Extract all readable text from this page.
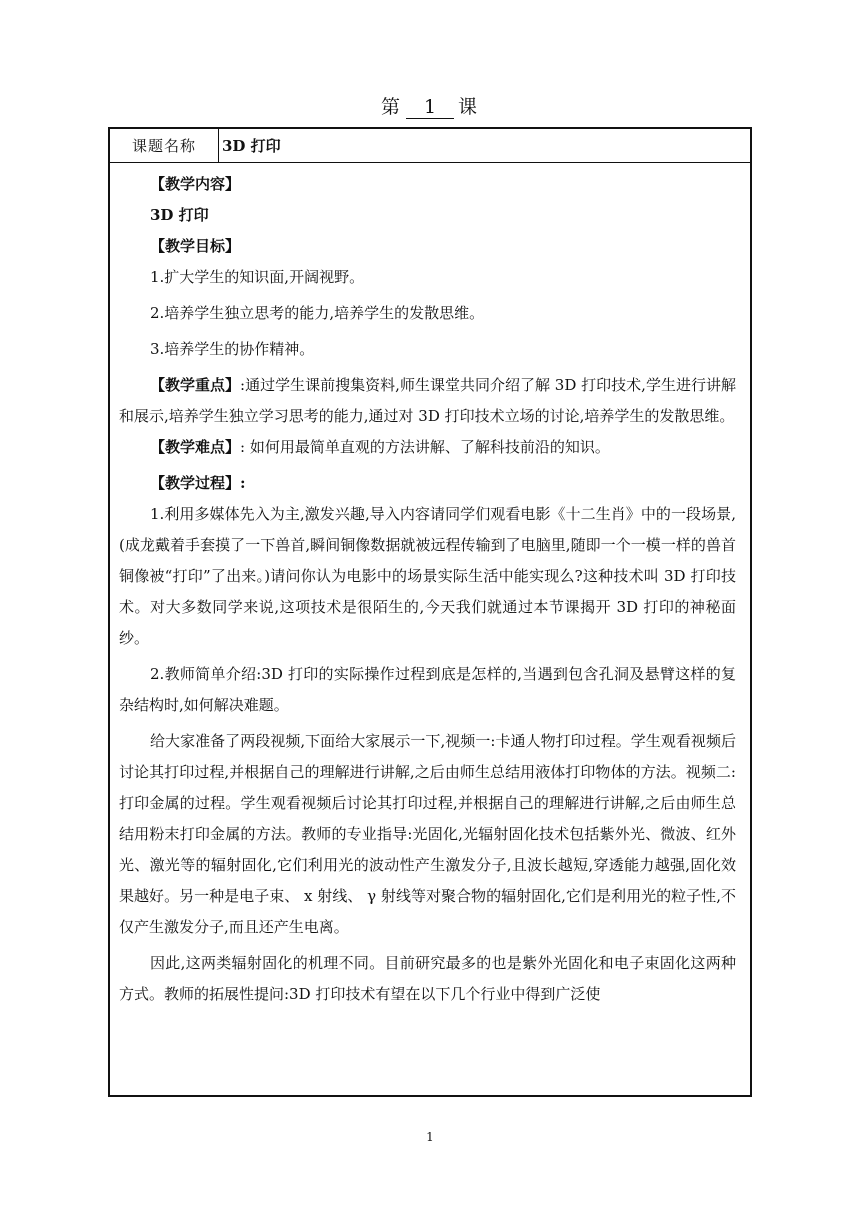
第 1 课
课题名称	3D 打印

【教学内容】

3D 打印

【教学目标】

1.扩大学生的知识面,开阔视野。

2.培养学生独立思考的能力,培养学生的发散思维。

3.培养学生的协作精神。

【教学重点】:通过学生课前搜集资料,师生课堂共同介绍了解 3D 打印技术,学生进行讲解和展示,培养学生独立学习思考的能力,通过对 3D 打印技术立场的讨论,培养学生的发散思维。

【教学难点】: 如何用最简单直观的方法讲解、了解科技前沿的知识。

【教学过程】:

1.利用多媒体先入为主,激发兴趣,导入内容请同学们观看电影《十二生肖》中的一段场景,(成龙戴着手套摸了一下兽首,瞬间铜像数据就被远程传输到了电脑里,随即一个一模一样的兽首铜像被“打印”了出来。)请问你认为电影中的场景实际生活中能实现么?这种技术叫 3D 打印技术。对大多数同学来说,这项技术是很陌生的,今天我们就通过本节课揭开 3D 打印的神秘面纱。

2.教师简单介绍:3D 打印的实际操作过程到底是怎样的,当遇到包含孔洞及悬臂这样的复杂结构时,如何解决难题。

给大家准备了两段视频,下面给大家展示一下,视频一:卡通人物打印过程。学生观看视频后讨论其打印过程,并根据自己的理解进行讲解,之后由师生总结用液体打印物体的方法。视频二:打印金属的过程。学生观看视频后讨论其打印过程,并根据自己的理解进行讲解,之后由师生总结用粉末打印金属的方法。教师的专业指导:光固化,光辐射固化技术包括紫外光、微波、红外光、激光等的辐射固化,它们利用光的波动性产生激发分子,且波长越短,穿透能力越强,固化效果越好。另一种是电子束、 x 射线、 γ 射线等对聚合物的辐射固化,它们是利用光的粒子性,不仅产生激发分子,而且还产生电离。

因此,这两类辐射固化的机理不同。目前研究最多的也是紫外光固化和电子束固化这两种方式。教师的拓展性提问:3D 打印技术有望在以下几个行业中得到广泛使

1
